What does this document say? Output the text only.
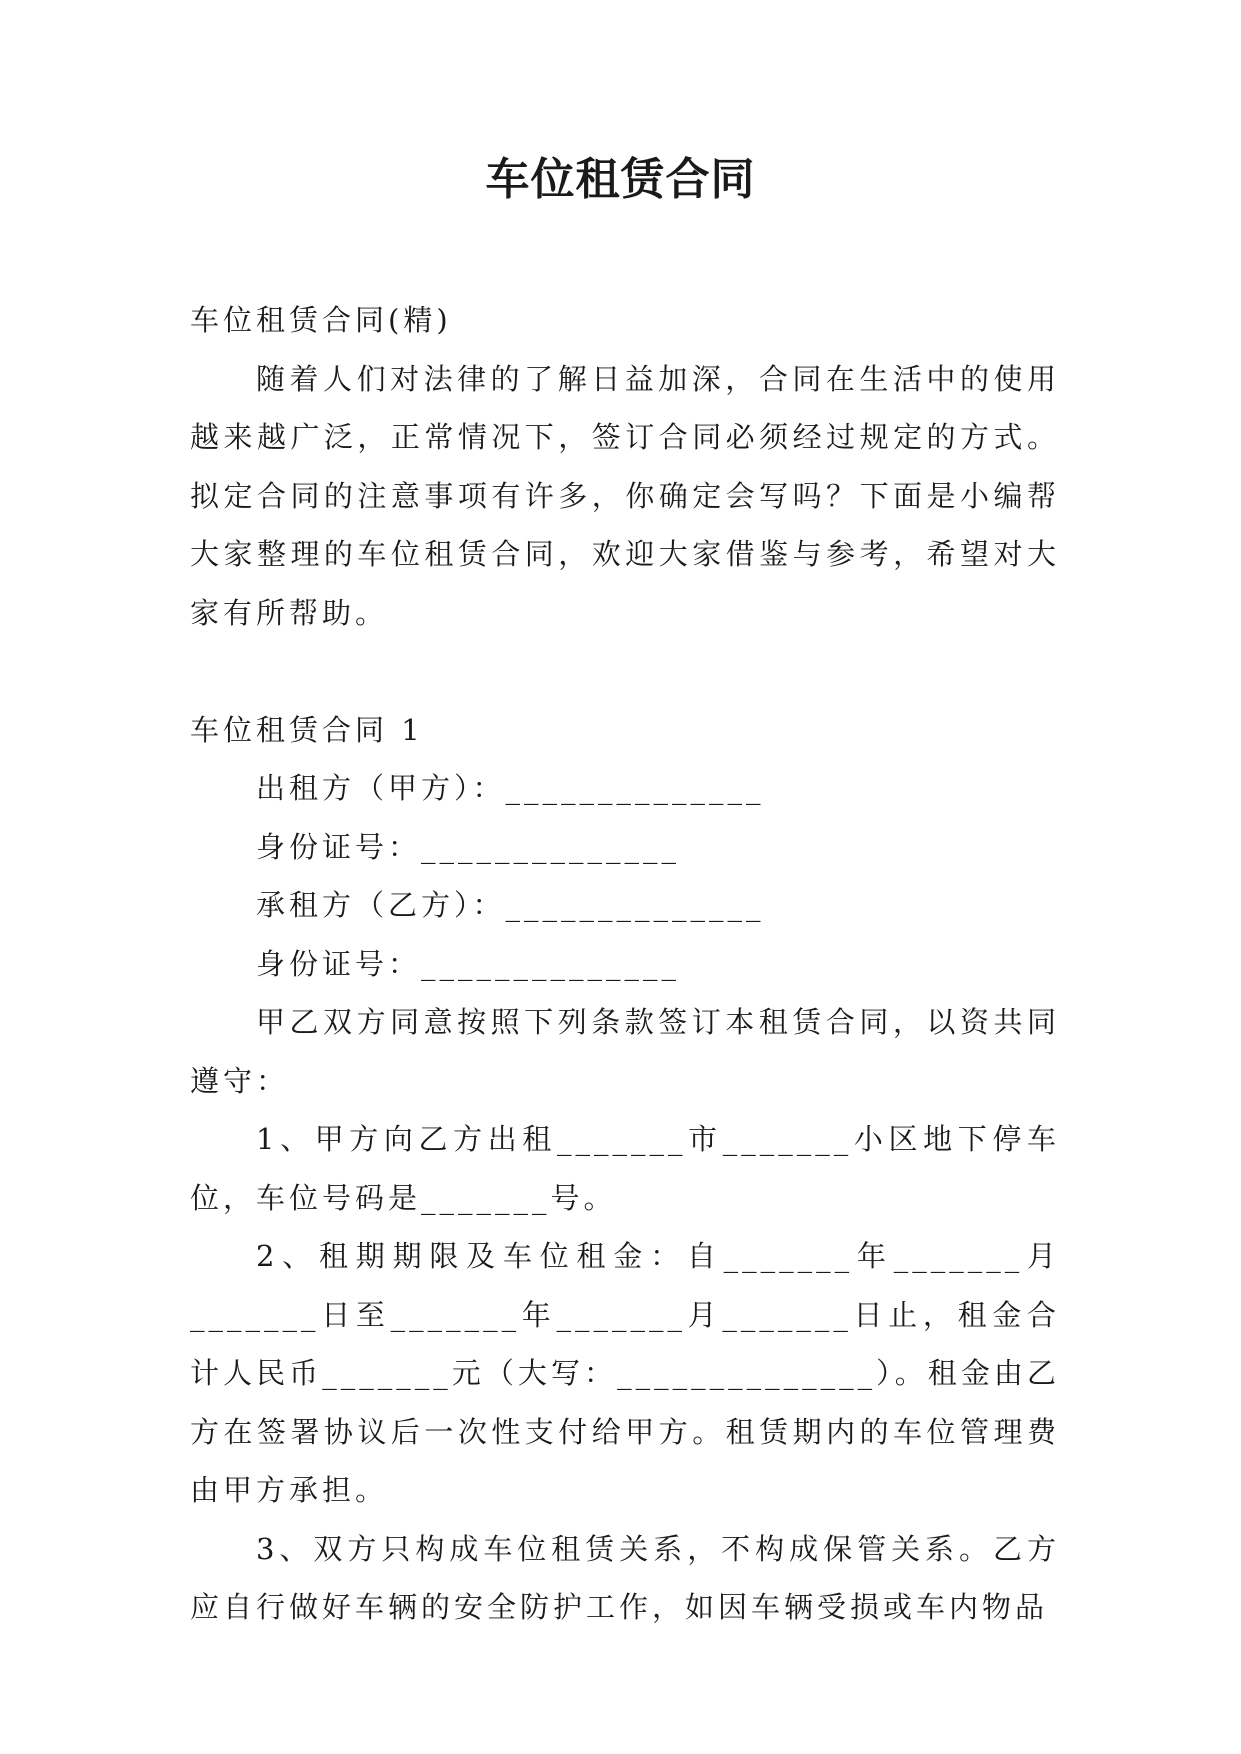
车位租赁合同

车位租赁合同(精)

随着人们对法律的了解日益加深，合同在生活中的使用越来越广泛，正常情况下，签订合同必须经过规定的方式。拟定合同的注意事项有许多，你确定会写吗？下面是小编帮大家整理的车位租赁合同，欢迎大家借鉴与参考，希望对大家有所帮助。

车位租赁合同 1

出租方（甲方）：______________

身份证号：______________

承租方（乙方）：______________

身份证号：______________

甲乙双方同意按照下列条款签订本租赁合同，以资共同遵守：

1、甲方向乙方出租_______市_______小区地下停车位，车位号码是_______号。

2、租期期限及车位租金：自_______年_______月_______日至_______年_______月_______日止，租金合计人民币_______元（大写：______________）。租金由乙方在签署协议后一次性支付给甲方。租赁期内的车位管理费由甲方承担。

3、双方只构成车位租赁关系，不构成保管关系。乙方应自行做好车辆的安全防护工作，如因车辆受损或车内物品
